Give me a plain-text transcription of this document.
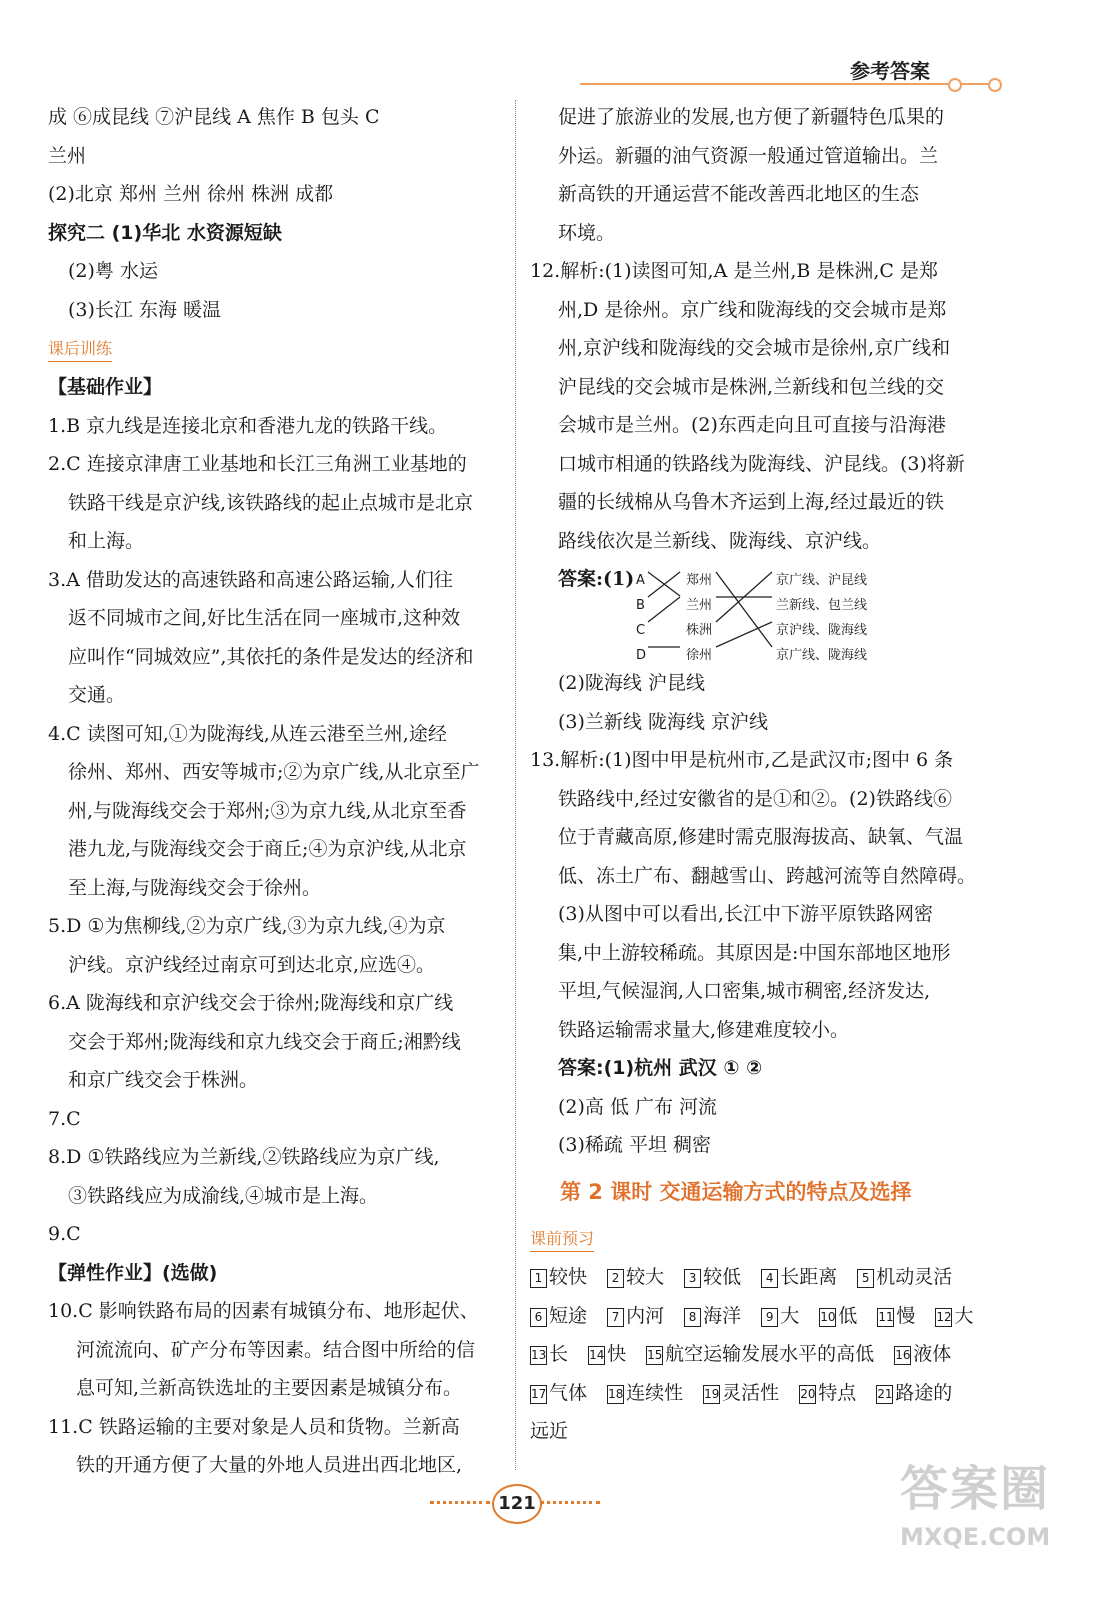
参考答案
成 ⑥成昆线 ⑦沪昆线 A 焦作 B 包头 C
兰州
(2)北京 郑州 兰州 徐州 株洲 成都
探究二 (1)华北 水资源短缺
(2)粤 水运
(3)长江 东海 暖温
课后训练
【基础作业】
1.B 京九线是连接北京和香港九龙的铁路干线。
2.C 连接京津唐工业基地和长江三角洲工业基地的
铁路干线是京沪线,该铁路线的起止点城市是北京
和上海。
3.A 借助发达的高速铁路和高速公路运输,人们往
返不同城市之间,好比生活在同一座城市,这种效
应叫作“同城效应”,其依托的条件是发达的经济和
交通。
4.C 读图可知,①为陇海线,从连云港至兰州,途经
徐州、郑州、西安等城市;②为京广线,从北京至广
州,与陇海线交会于郑州;③为京九线,从北京至香
港九龙,与陇海线交会于商丘;④为京沪线,从北京
至上海,与陇海线交会于徐州。
5.D ①为焦柳线,②为京广线,③为京九线,④为京
沪线。京沪线经过南京可到达北京,应选④。
6.A 陇海线和京沪线交会于徐州;陇海线和京广线
交会于郑州;陇海线和京九线交会于商丘;湘黔线
和京广线交会于株洲。
7.C
8.D ①铁路线应为兰新线,②铁路线应为京广线,
③铁路线应为成渝线,④城市是上海。
9.C
【弹性作业】(选做)
10.C 影响铁路布局的因素有城镇分布、地形起伏、
河流流向、矿产分布等因素。结合图中所给的信
息可知,兰新高铁选址的主要因素是城镇分布。
11.C 铁路运输的主要对象是人员和货物。兰新高
铁的开通方便了大量的外地人员进出西北地区,
促进了旅游业的发展,也方便了新疆特色瓜果的
外运。新疆的油气资源一般通过管道输出。兰
新高铁的开通运营不能改善西北地区的生态
环境。
12.解析:(1)读图可知,A 是兰州,B 是株洲,C 是郑
州,D 是徐州。京广线和陇海线的交会城市是郑
州,京沪线和陇海线的交会城市是徐州,京广线和
沪昆线的交会城市是株洲,兰新线和包兰线的交
会城市是兰州。(2)东西走向且可直接与沿海港
口城市相通的铁路线为陇海线、沪昆线。(3)将新
疆的长绒棉从乌鲁木齐运到上海,经过最近的铁
路线依次是兰新线、陇海线、京沪线。
答案:(1) A
B
C
D
郑州
兰州
株洲
徐州
京广线、沪昆线
兰新线、包兰线
京沪线、陇海线
京广线、陇海线
(2)陇海线 沪昆线
(3)兰新线 陇海线 京沪线
13.解析:(1)图中甲是杭州市,乙是武汉市;图中 6 条
铁路线中,经过安徽省的是①和②。(2)铁路线⑥
位于青藏高原,修建时需克服海拔高、缺氧、气温
低、冻土广布、翻越雪山、跨越河流等自然障碍。
(3)从图中可以看出,长江中下游平原铁路网密
集,中上游较稀疏。其原因是:中国东部地区地形
平坦,气候湿润,人口密集,城市稠密,经济发达,
铁路运输需求量大,修建难度较小。
答案:(1)杭州 武汉 ① ②
(2)高 低 广布 河流
(3)稀疏 平坦 稠密
第 2 课时 交通运输方式的特点及选择
课前预习
1 较快 2 较大 3 较低 4 长距离 5 机动灵活
6 短途 7 内河 8 海洋 9 大 10 低 11 慢 12 大
13 长 14 快 15 航空运输发展水平的高低 16 液体
17 气体 18 连续性 19 灵活性 20 特点 21 路途的
远近
121	答案圈
MXQE.COM
